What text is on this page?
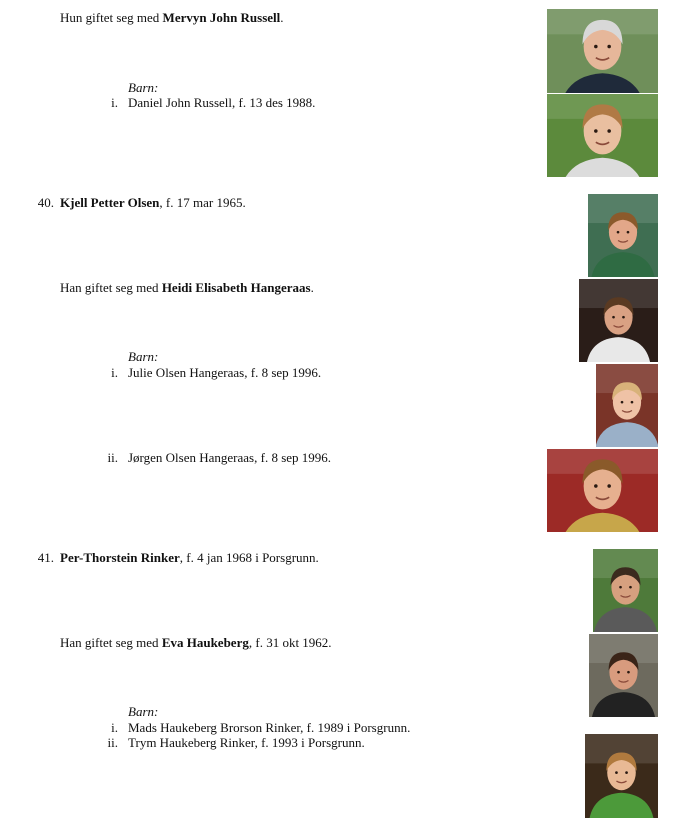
Hun giftet seg med Mervyn John Russell.
Barn:
i. Daniel John Russell, f. 13 des 1988.
40. Kjell Petter Olsen, f. 17 mar 1965.
Han giftet seg med Heidi Elisabeth Hangeraas.
Barn:
i. Julie Olsen Hangeraas, f. 8 sep 1996.
ii. Jørgen Olsen Hangeraas, f. 8 sep 1996.
41. Per-Thorstein Rinker, f. 4 jan 1968 i Porsgrunn.
Han giftet seg med Eva Haukeberg, f. 31 okt 1962.
Barn:
i. Mads Haukeberg Brorson Rinker, f. 1989 i Porsgrunn.
ii. Trym Haukeberg Rinker, f. 1993 i Porsgrunn.
